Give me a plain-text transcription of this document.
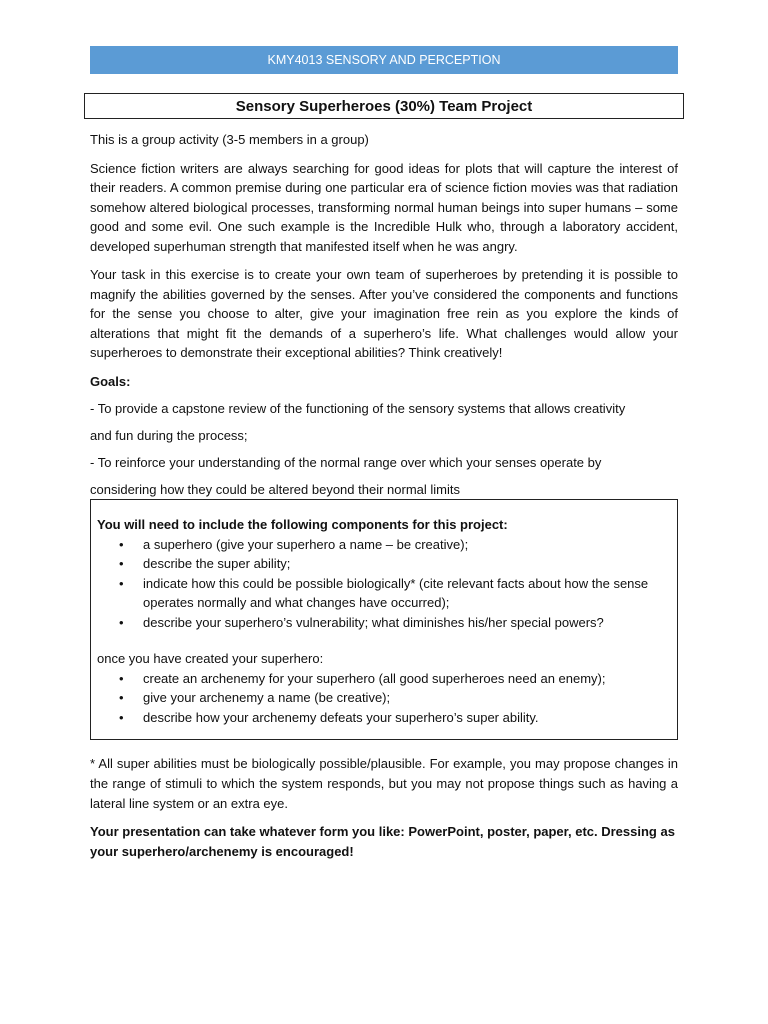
KMY4013 SENSORY AND PERCEPTION
Sensory Superheroes (30%) Team Project

This is a group activity (3-5 members in a group)

Science fiction writers are always searching for good ideas for plots that will capture the interest of their readers. A common premise during one particular era of science fiction movies was that radiation somehow altered biological processes, transforming normal human beings into super humans – some good and some evil. One such example is the Incredible Hulk who, through a laboratory accident, developed superhuman strength that manifested itself when he was angry.

Your task in this exercise is to create your own team of superheroes by pretending it is possible to magnify the abilities governed by the senses. After you’ve considered the components and functions for the sense you choose to alter, give your imagination free rein as you explore the kinds of alterations that might fit the demands of a superhero’s life. What challenges would allow your superheroes to demonstrate their exceptional abilities? Think creatively!

Goals:

- To provide a capstone review of the functioning of the sensory systems that allows creativity

and fun during the process;

- To reinforce your understanding of the normal range over which your senses operate by

considering how they could be altered beyond their normal limits

You will need to include the following components for this project:

• a superhero (give your superhero a name – be creative);
• describe the super ability;
• indicate how this could be possible biologically* (cite relevant facts about how the sense operates normally and what changes have occurred);
• describe your superhero’s vulnerability; what diminishes his/her special powers?

once you have created your superhero:

• create an archenemy for your superhero (all good superheroes need an enemy);
• give your archenemy a name (be creative);
• describe how your archenemy defeats your superhero’s super ability.

* All super abilities must be biologically possible/plausible. For example, you may propose changes in the range of stimuli to which the system responds, but you may not propose things such as having a lateral line system or an extra eye.

Your presentation can take whatever form you like: PowerPoint, poster, paper, etc. Dressing as your superhero/archenemy is encouraged!
